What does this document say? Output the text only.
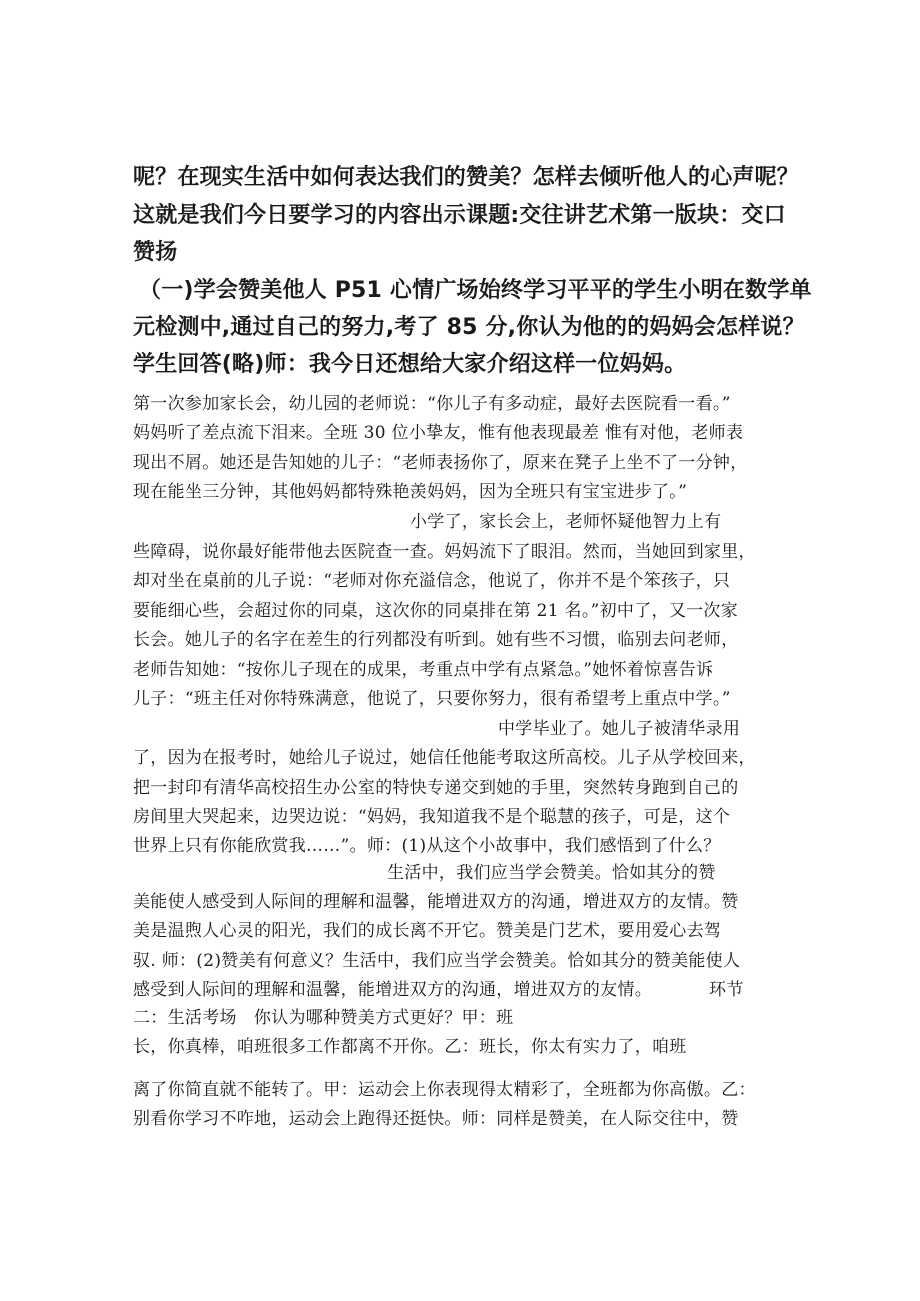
呢？在现实生活中如何表达我们的赞美？怎样去倾听他人的心声呢？
这就是我们今日要学习的内容出示课题:交往讲艺术第一版块：交口
赞扬
（一)学会赞美他人 P51 心情广场始终学习平平的学生小明在数学单
元检测中,通过自己的努力,考了 85 分,你认为他的的妈妈会怎样说？
学生回答(略)师：我今日还想给大家介绍这样一位妈妈。
第一次参加家长会，幼儿园的老师说：“你儿子有多动症，最好去医院看一看。”
妈妈听了差点流下泪来。全班 30 位小挚友，惟有他表现最差 惟有对他，老师表
现出不屑。她还是告知她的儿子：“老师表扬你了，原来在凳子上坐不了一分钟，
现在能坐三分钟，其他妈妈都特殊艳羡妈妈，因为全班只有宝宝进步了。”
小学了，家长会上，老师怀疑他智力上有
些障碍，说你最好能带他去医院查一查。妈妈流下了眼泪。然而，当她回到家里，
却对坐在桌前的儿子说：“老师对你充溢信念，他说了，你并不是个笨孩子，只
要能细心些，会超过你的同桌，这次你的同桌排在第 21 名。”初中了，又一次家
长会。她儿子的名字在差生的行列都没有听到。她有些不习惯，临别去问老师，
老师告知她：“按你儿子现在的成果，考重点中学有点紧急。”她怀着惊喜告诉
儿子：“班主任对你特殊满意，他说了，只要你努力，很有希望考上重点中学。”
中学毕业了。她儿子被清华录用
了，因为在报考时，她给儿子说过，她信任他能考取这所高校。儿子从学校回来，
把一封印有清华高校招生办公室的特快专递交到她的手里，突然转身跑到自己的
房间里大哭起来，边哭边说：“妈妈，我知道我不是个聪慧的孩子，可是，这个
世界上只有你能欣赏我……”。师：(1)从这个小故事中，我们感悟到了什么？
生活中，我们应当学会赞美。恰如其分的赞
美能使人感受到人际间的理解和温馨，能增进双方的沟通，增进双方的友情。赞
美是温煦人心灵的阳光，我们的成长离不开它。赞美是门艺术，要用爱心去驾
驭. 师：(2)赞美有何意义？生活中，我们应当学会赞美。恰如其分的赞美能使人
感受到人际间的理解和温馨，能增进双方的沟通，增进双方的友情。          环节
二：生活考场   你认为哪种赞美方式更好？甲：班
长，你真棒，咱班很多工作都离不开你。乙：班长，你太有实力了，咱班
离了你简直就不能转了。甲：运动会上你表现得太精彩了，全班都为你高傲。乙：
别看你学习不咋地，运动会上跑得还挺快。师：同样是赞美，在人际交往中，赞
